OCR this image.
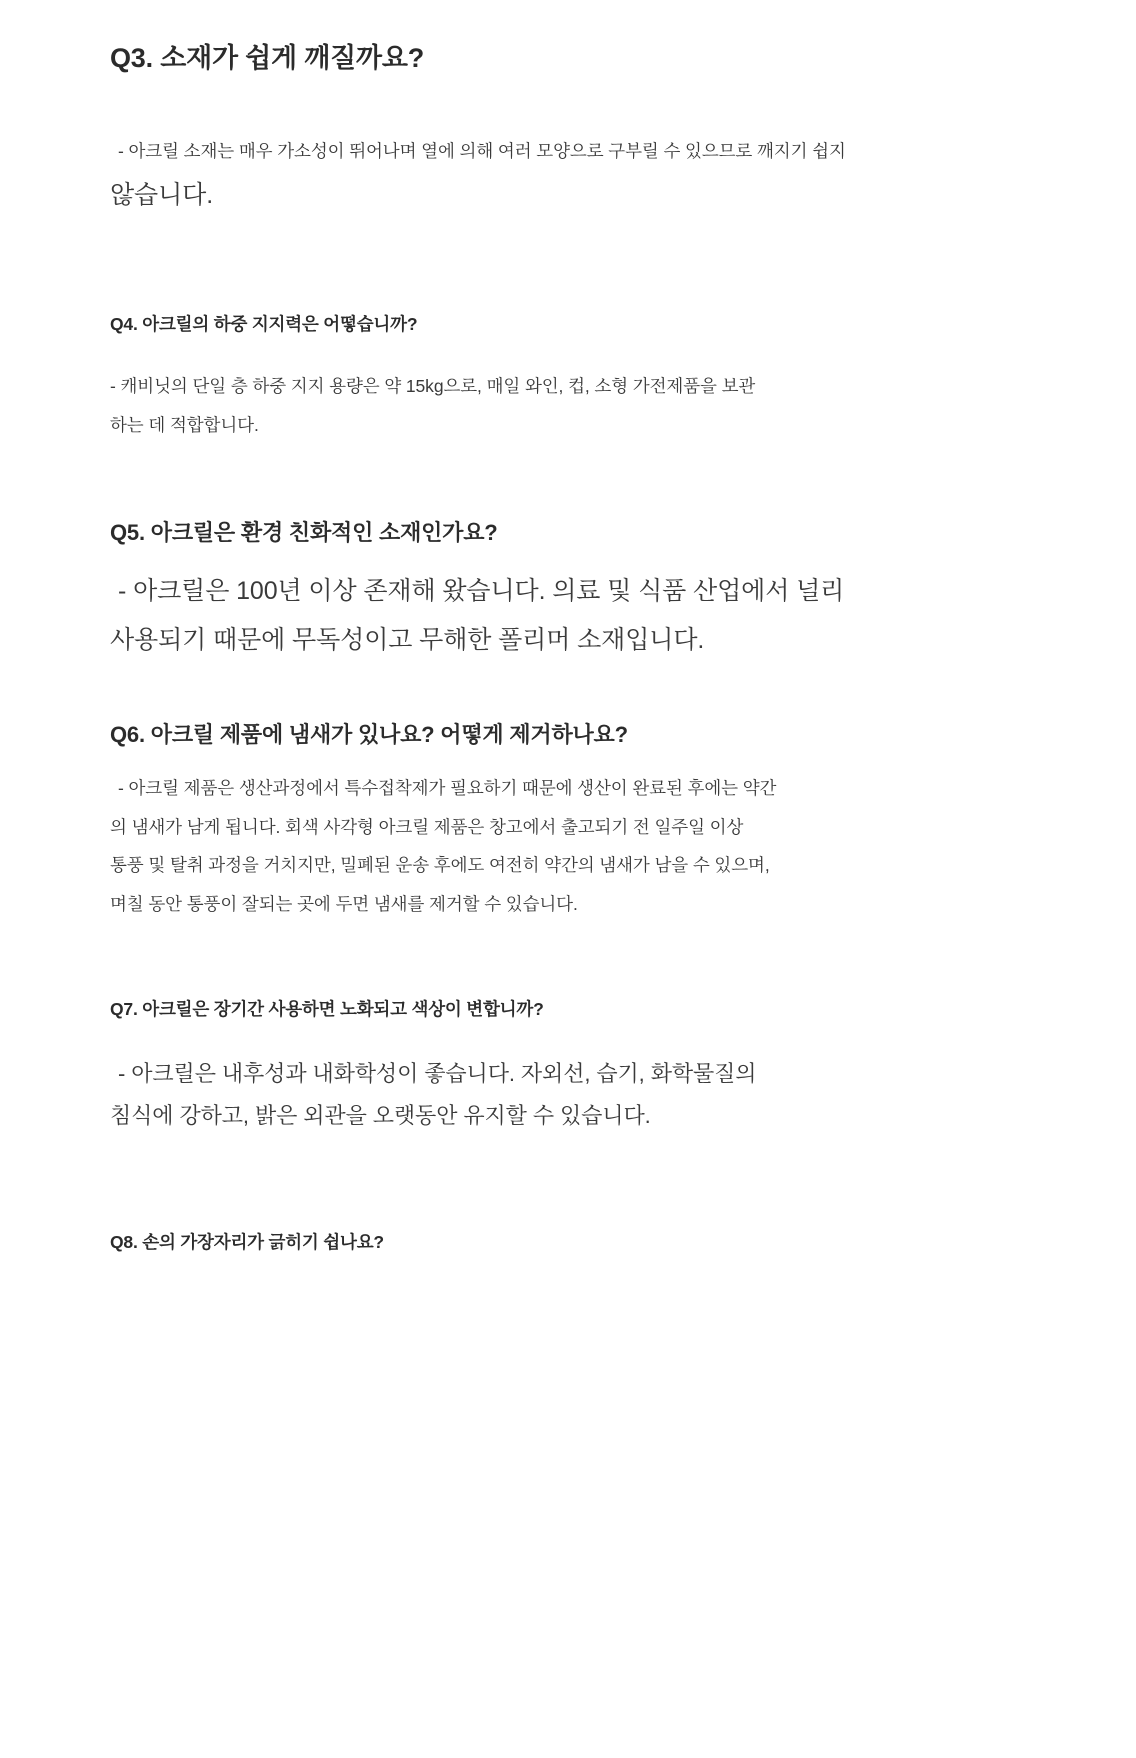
Q3. 소재가 쉽게 깨질까요?

- 아크릴 소재는 매우 가소성이 뛰어나며 열에 의해 여러 모양으로 구부릴 수 있으므로 깨지기 쉽지

않습니다.

Q4. 아크릴의 하중 지지력은 어떻습니까?

- 캐비닛의 단일 층 하중 지지 용량은 약 15kg으로, 매일 와인, 컵, 소형 가전제품을 보관

하는 데 적합합니다.

Q5. 아크릴은 환경 친화적인 소재인가요?

- 아크릴은 100년 이상 존재해 왔습니다. 의료 및 식품 산업에서 널리

사용되기 때문에 무독성이고 무해한 폴리머 소재입니다.

Q6. 아크릴 제품에 냄새가 있나요? 어떻게 제거하나요?

- 아크릴 제품은 생산과정에서 특수접착제가 필요하기 때문에 생산이 완료된 후에는 약간

의 냄새가 남게 됩니다. 회색 사각형 아크릴 제품은 창고에서 출고되기 전 일주일 이상

통풍 및 탈취 과정을 거치지만, 밀폐된 운송 후에도 여전히 약간의 냄새가 남을 수 있으며,

며칠 동안 통풍이 잘되는 곳에 두면 냄새를 제거할 수 있습니다.

Q7. 아크릴은 장기간 사용하면 노화되고 색상이 변합니까?

- 아크릴은 내후성과 내화학성이 좋습니다. 자외선, 습기, 화학물질의

침식에 강하고, 밝은 외관을 오랫동안 유지할 수 있습니다.

Q8. 손의 가장자리가 긁히기 쉽나요?
